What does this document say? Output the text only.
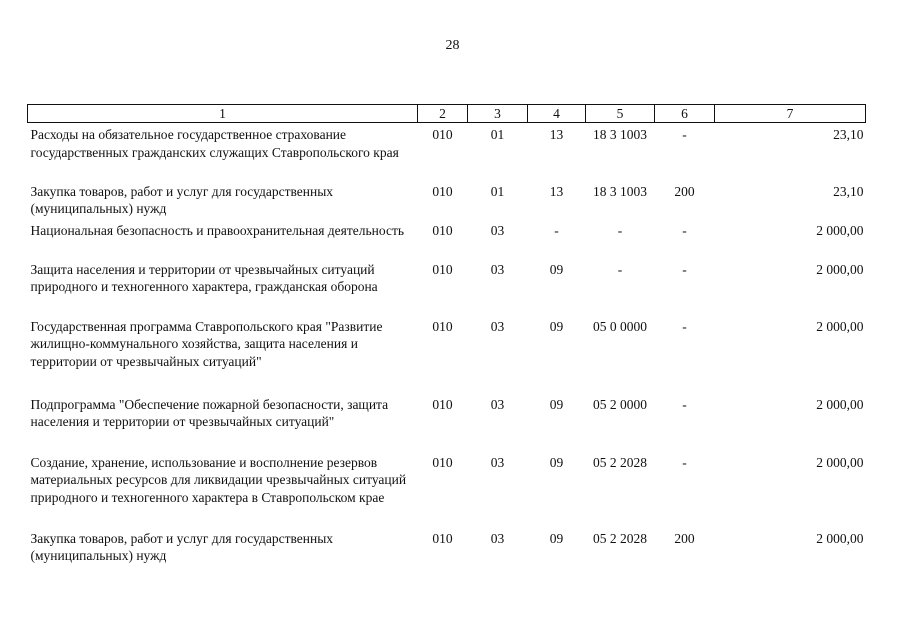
28
1	2	3	4	5	6	7
Расходы на обязательное государственное страхование государственных гражданских служащих Ставропольского края	010	01	13	18 3 1003	-	23,10
Закупка товаров, работ и услуг для государственных (муниципальных) нужд	010	01	13	18 3 1003	200	23,10
Национальная безопасность и правоохранительная деятельность	010	03	-	-	-	2 000,00
Защита населения и территории от чрезвычайных ситуаций природного и техногенного характера, гражданская оборона	010	03	09	-	-	2 000,00
Государственная программа Ставропольского края "Развитие жилищно-коммунального хозяйства, защита населения и территории от чрезвычайных ситуаций"	010	03	09	05 0 0000	-	2 000,00
Подпрограмма "Обеспечение пожарной безопасности, защита населения и территории от чрезвычайных ситуаций"	010	03	09	05 2 0000	-	2 000,00
Создание, хранение, использование и восполнение резервов материальных ресурсов для ликвидации чрезвычайных ситуаций природного и техногенного характера в Ставропольском крае	010	03	09	05 2 2028	-	2 000,00
Закупка товаров, работ и услуг для государственных (муниципальных) нужд	010	03	09	05 2 2028	200	2 000,00
